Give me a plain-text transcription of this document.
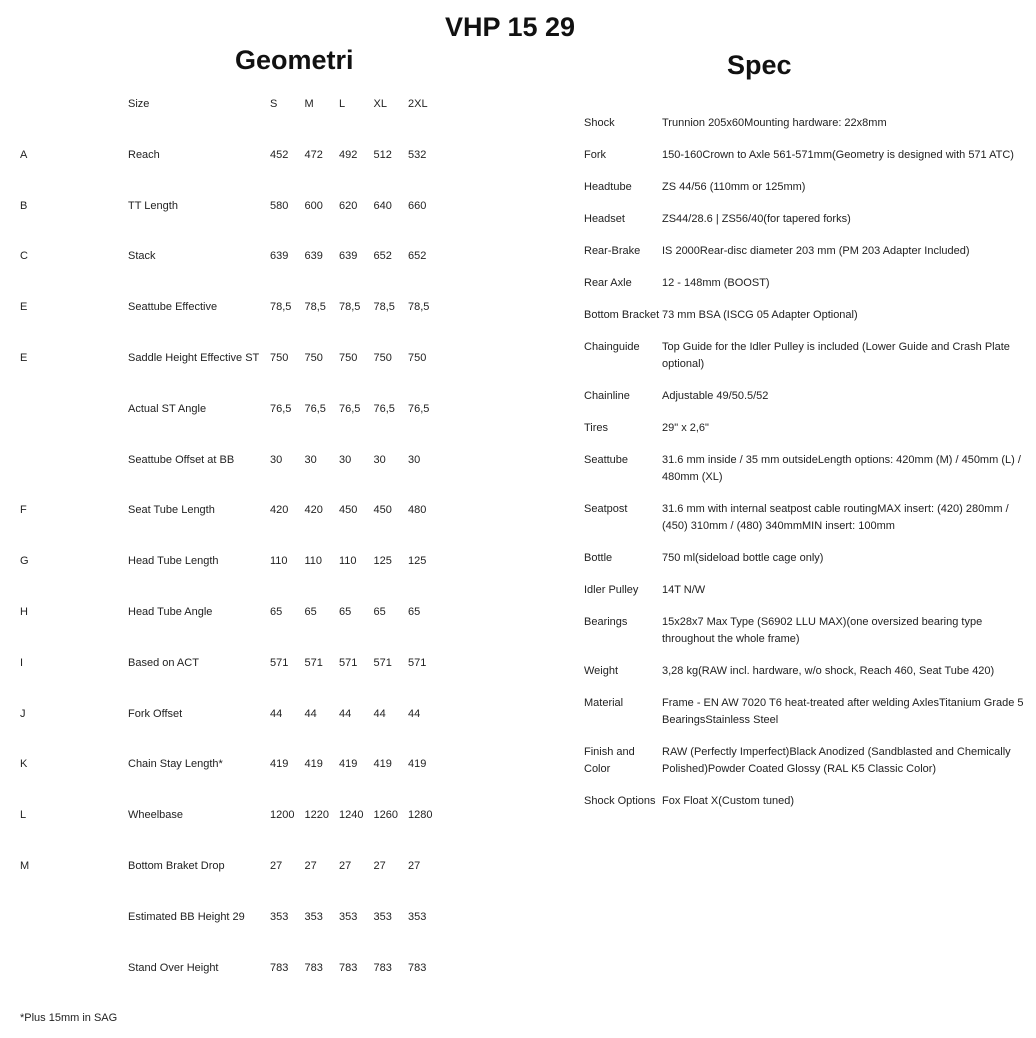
VHP 15 29
Geometri	Spec
	Size	S	M	L	XL	2XL
A	Reach	452	472	492	512	532
B	TT Length	580	600	620	640	660
C	Stack	639	639	639	652	652
E	Seattube Effective	78,5	78,5	78,5	78,5	78,5
E	Saddle Height Effective ST	750	750	750	750	750
	Actual ST Angle	76,5	76,5	76,5	76,5	76,5
	Seattube Offset at BB	30	30	30	30	30
F	Seat Tube Length	420	420	450	450	480
G	Head Tube Length	110	110	110	125	125
H	Head Tube Angle	65	65	65	65	65
I	Based on ACT	571	571	571	571	571
J	Fork Offset	44	44	44	44	44
K	Chain Stay Length*	419	419	419	419	419
L	Wheelbase	1200	1220	1240	1260	1280
M	Bottom Braket Drop	27	27	27	27	27
	Estimated BB Height 29	353	353	353	353	353
	Stand Over Height	783	783	783	783	783
Shock	Trunnion 205x60Mounting hardware: 22x8mm
Fork	150-160Crown to Axle 561-571mm(Geometry is designed with 571 ATC)
Headtube	ZS 44/56 (110mm or 125mm)
Headset	ZS44/28.6 | ZS56/40(for tapered forks)
Rear-Brake	IS 2000Rear-disc diameter 203 mm (PM 203 Adapter Included)
Rear Axle	12 - 148mm (BOOST)
Bottom Bracket	73 mm BSA (ISCG 05 Adapter Optional)
Chainguide	Top Guide for the Idler Pulley is included (Lower Guide and Crash Plate optional)
Chainline	Adjustable 49/50.5/52
Tires	29" x 2,6"
Seattube	31.6 mm inside / 35 mm outsideLength options: 420mm (M) / 450mm (L) / 480mm (XL)
Seatpost	31.6 mm with internal seatpost cable routingMAX insert: (420) 280mm / (450) 310mm / (480) 340mmMIN insert: 100mm
Bottle	750 ml(sideload bottle cage only)
Idler Pulley	14T N/W
Bearings	15x28x7 Max Type (S6902 LLU MAX)(one oversized bearing type throughout the whole frame)
Weight	3,28 kg(RAW incl. hardware, w/o shock, Reach 460, Seat Tube 420)
Material	Frame - EN AW 7020 T6 heat-treated after welding AxlesTitanium Grade 5 BearingsStainless Steel
Finish and Color	RAW (Perfectly Imperfect)Black Anodized (Sandblasted and Chemically Polished)Powder Coated Glossy (RAL K5 Classic Color)
Shock Options	Fox Float X(Custom tuned)
*Plus 15mm in SAG
